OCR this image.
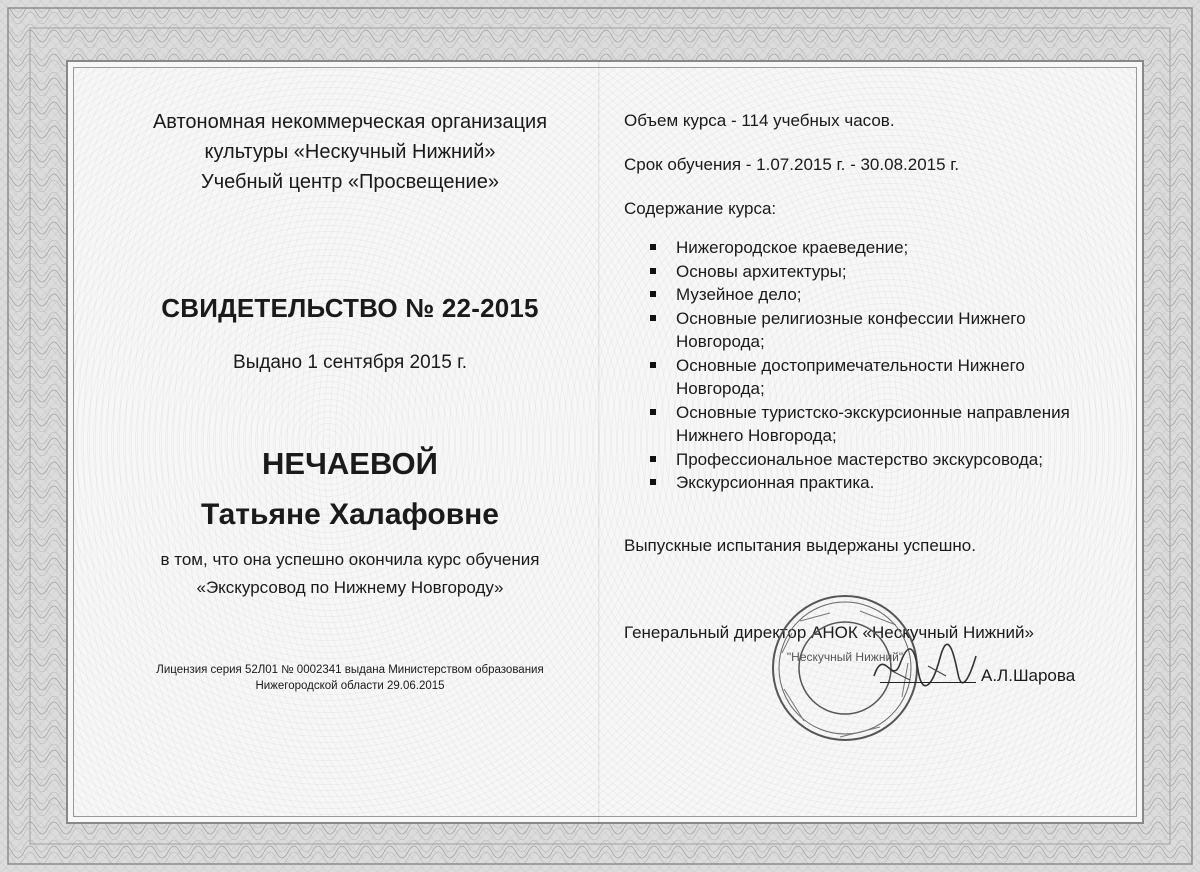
Автономная некоммерческая организация
культуры «Нескучный Нижний»
Учебный центр «Просвещение»
СВИДЕТЕЛЬСТВО № 22-2015
Выдано 1 сентября 2015 г.
НЕЧАЕВОЙ
Татьяне Халафовне
в том, что она успешно окончила курс обучения
«Экскурсовод по Нижнему Новгороду»
Лицензия серия 52Л01 № 0002341 выдана Министерством образования
Нижегородской области 29.06.2015
Объем курса - 114 учебных часов.
Срок обучения - 1.07.2015 г. - 30.08.2015 г.
Содержание курса:
Нижегородское краеведение;
Основы архитектуры;
Музейное дело;
Основные религиозные конфессии Нижнего Новгорода;
Основные достопримечательности Нижнего Новгорода;
Основные туристско-экскурсионные направления Нижнего Новгорода;
Профессиональное мастерство экскурсовода;
Экскурсионная практика.
Выпускные испытания выдержаны успешно.
Генеральный директор АНОК «Нескучный Нижний»
А.Л.Шарова
"Нескучный Нижний"
